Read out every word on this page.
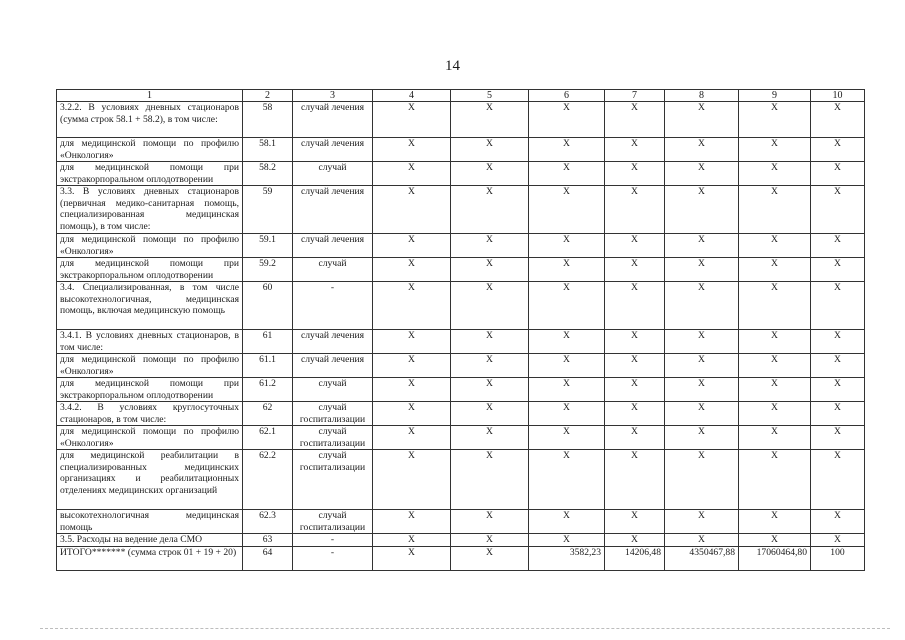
14
1	2	3	4	5	6	7	8	9	10
3.2.2. В условиях дневных стационаров (сумма строк 58.1 + 58.2), в том числе:	58	случай лечения	X	X	X	X	X	X	X
для медицинской помощи по профилю «Онкология»	58.1	случай лечения	X	X	X	X	X	X	X
для медицинской помощи при экстракорпоральном оплодотворении	58.2	случай	X	X	X	X	X	X	X
3.3. В условиях дневных стационаров (первичная медико-санитарная помощь, специализированная медицинская помощь), в том числе:	59	случай лечения	X	X	X	X	X	X	X
для медицинской помощи по профилю «Онкология»	59.1	случай лечения	X	X	X	X	X	X	X
для медицинской помощи при экстракорпоральном оплодотворении	59.2	случай	X	X	X	X	X	X	X
3.4. Специализированная, в том числе высокотехнологичная, медицинская помощь, включая медицинскую помощь	60	-	X	X	X	X	X	X	X
3.4.1. В условиях дневных стационаров, в том числе:	61	случай лечения	X	X	X	X	X	X	X
для медицинской помощи по профилю «Онкология»	61.1	случай лечения	X	X	X	X	X	X	X
для медицинской помощи при экстракорпоральном оплодотворении	61.2	случай	X	X	X	X	X	X	X
3.4.2. В условиях круглосуточных стационаров, в том числе:	62	случай госпитализации	X	X	X	X	X	X	X
для медицинской помощи по профилю «Онкология»	62.1	случай госпитализации	X	X	X	X	X	X	X
для медицинской реабилитации в специализированных медицинских организациях и реабилитационных отделениях медицинских организаций	62.2	случай госпитализации	X	X	X	X	X	X	X
высокотехнологичная медицинская помощь	62.3	случай госпитализации	X	X	X	X	X	X	X
3.5. Расходы на ведение дела СМО	63	-	X	X	X	X	X	X	X
ИТОГО******* (сумма строк 01 + 19 + 20)	64	-	X	X	3582,23	14206,48	4350467,88	17060464,80	100
